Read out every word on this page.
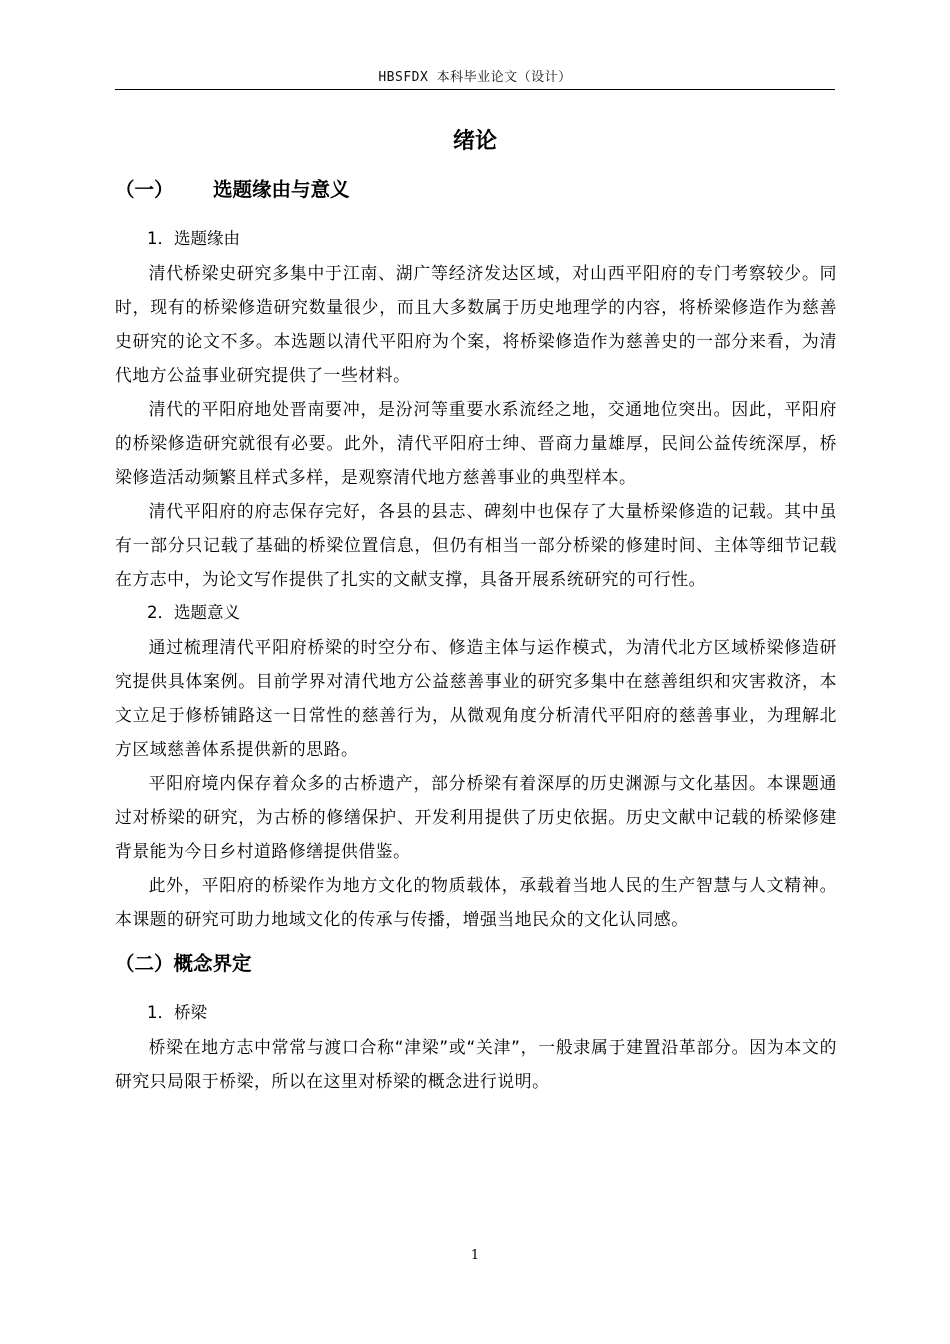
HBSFDX 本科毕业论文（设计）
绪论
（一） 选题缘由与意义
1．选题缘由

清代桥梁史研究多集中于江南、湖广等经济发达区域，对山西平阳府的专门考察较少。同时，现有的桥梁修造研究数量很少，而且大多数属于历史地理学的内容，将桥梁修造作为慈善史研究的论文不多。本选题以清代平阳府为个案，将桥梁修造作为慈善史的一部分来看，为清代地方公益事业研究提供了一些材料。

清代的平阳府地处晋南要冲，是汾河等重要水系流经之地，交通地位突出。因此，平阳府的桥梁修造研究就很有必要。此外，清代平阳府士绅、晋商力量雄厚，民间公益传统深厚，桥梁修造活动频繁且样式多样，是观察清代地方慈善事业的典型样本。

清代平阳府的府志保存完好，各县的县志、碑刻中也保存了大量桥梁修造的记载。其中虽有一部分只记载了基础的桥梁位置信息，但仍有相当一部分桥梁的修建时间、主体等细节记载在方志中，为论文写作提供了扎实的文献支撑，具备开展系统研究的可行性。

2．选题意义

通过梳理清代平阳府桥梁的时空分布、修造主体与运作模式，为清代北方区域桥梁修造研究提供具体案例。目前学界对清代地方公益慈善事业的研究多集中在慈善组织和灾害救济，本文立足于修桥铺路这一日常性的慈善行为，从微观角度分析清代平阳府的慈善事业，为理解北方区域慈善体系提供新的思路。

平阳府境内保存着众多的古桥遗产，部分桥梁有着深厚的历史渊源与文化基因。本课题通过对桥梁的研究，为古桥的修缮保护、开发利用提供了历史依据。历史文献中记载的桥梁修建背景能为今日乡村道路修缮提供借鉴。

此外，平阳府的桥梁作为地方文化的物质载体，承载着当地人民的生产智慧与人文精神。本课题的研究可助力地域文化的传承与传播，增强当地民众的文化认同感。

（二）概念界定
1．桥梁

桥梁在地方志中常常与渡口合称“津梁”或“关津”，一般隶属于建置沿革部分。因为本文的研究只局限于桥梁，所以在这里对桥梁的概念进行说明。

1
